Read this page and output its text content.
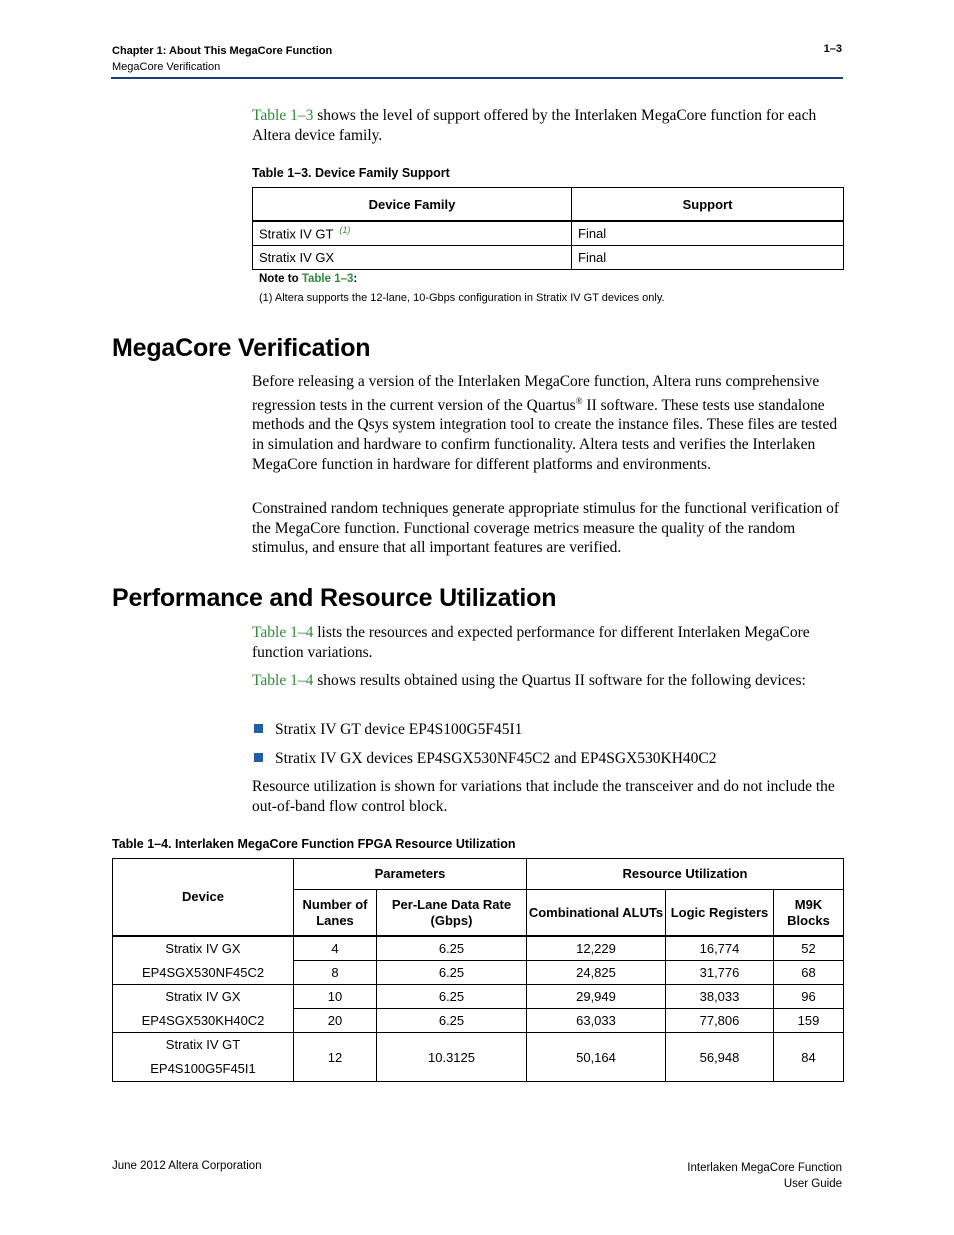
Chapter 1: About This MegaCore Function
MegaCore Verification
1–3
Table 1–3 shows the level of support offered by the Interlaken MegaCore function for each Altera device family.
Table 1–3. Device Family Support
Device Family	Support
Stratix IV GT $^{(1)}$	Final
Stratix IV GX	Final
Note to Table 1–3:
(1) Altera supports the 12-lane, 10-Gbps configuration in Stratix IV GT devices only.
MegaCore Verification
Before releasing a version of the Interlaken MegaCore function, Altera runs comprehensive regression tests in the current version of the Quartus® II software. These tests use standalone methods and the Qsys system integration tool to create the instance files. These files are tested in simulation and hardware to confirm functionality. Altera tests and verifies the Interlaken MegaCore function in hardware for different platforms and environments.
Constrained random techniques generate appropriate stimulus for the functional verification of the MegaCore function. Functional coverage metrics measure the quality of the random stimulus, and ensure that all important features are verified.
Performance and Resource Utilization
Table 1–4 lists the resources and expected performance for different Interlaken MegaCore function variations.
Table 1–4 shows results obtained using the Quartus II software for the following devices:
Stratix IV GT device EP4S100G5F45I1
Stratix IV GX devices EP4SGX530NF45C2 and EP4SGX530KH40C2
Resource utilization is shown for variations that include the transceiver and do not include the out-of-band flow control block.
Table 1–4. Interlaken MegaCore Function FPGA Resource Utilization
Device	Parameters		Resource Utilization		
	Number of Lanes	Per-Lane Data Rate (Gbps)	Combinational ALUTs	Logic Registers	M9K Blocks
Stratix IV GX	4	6.25	12,229	16,774	52
EP4SGX530NF45C2	8	6.25	24,825	31,776	68
Stratix IV GX	10	6.25	29,949	38,033	96
EP4SGX530KH40C2	20	6.25	63,033	77,806	159

Stratix IV GT
EP4S100G5F45I1	12	10.3125	50,164	56,948	84
June 2012 Altera Corporation	Interlaken MegaCore Function
User Guide
